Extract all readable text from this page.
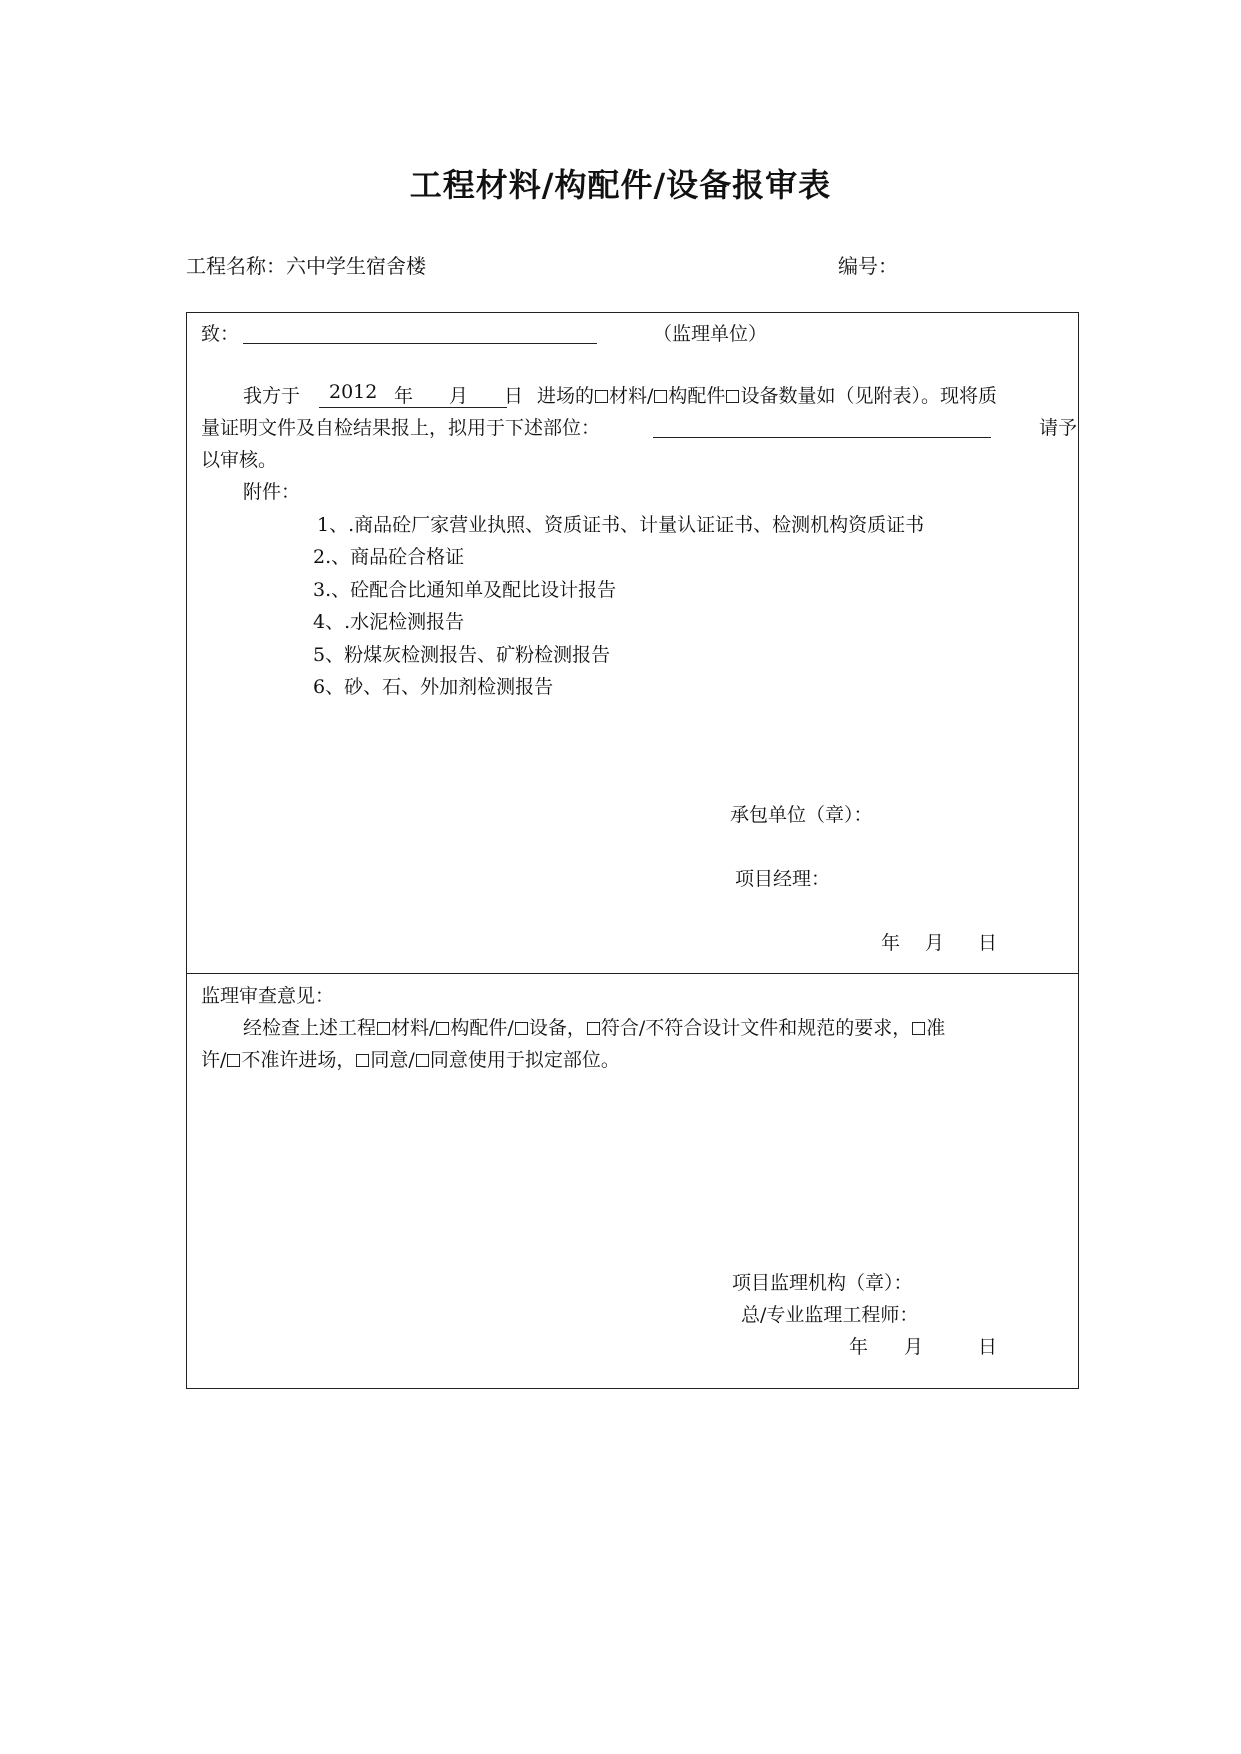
工程材料/构配件/设备报审表
工程名称：六中学生宿舍楼	编号：
致：	（监理单位）
我方于 2012 年 月 日 进场的 材料/ 构配件 设备数量如（见附表）。现将质
量证明文件及自检结果报上，拟用于下述部位：	请予
以审核。
附件：
1、.商品砼厂家营业执照、资质证书、计量认证证书、检测机构资质证书
2.、商品砼合格证
3.、砼配合比通知单及配比设计报告
4、.水泥检测报告
5、粉煤灰检测报告、矿粉检测报告
6、砂、石、外加剂检测报告
承包单位（章）：
项目经理：
年 月 日
监理审查意见：
经检查上述工程 材料/ 构配件/ 设备， 符合/不符合设计文件和规范的要求， 准
许/ 不准许进场， 同意/ 同意使用于拟定部位。
项目监理机构（章）：
总/专业监理工程师：
年 月	日
